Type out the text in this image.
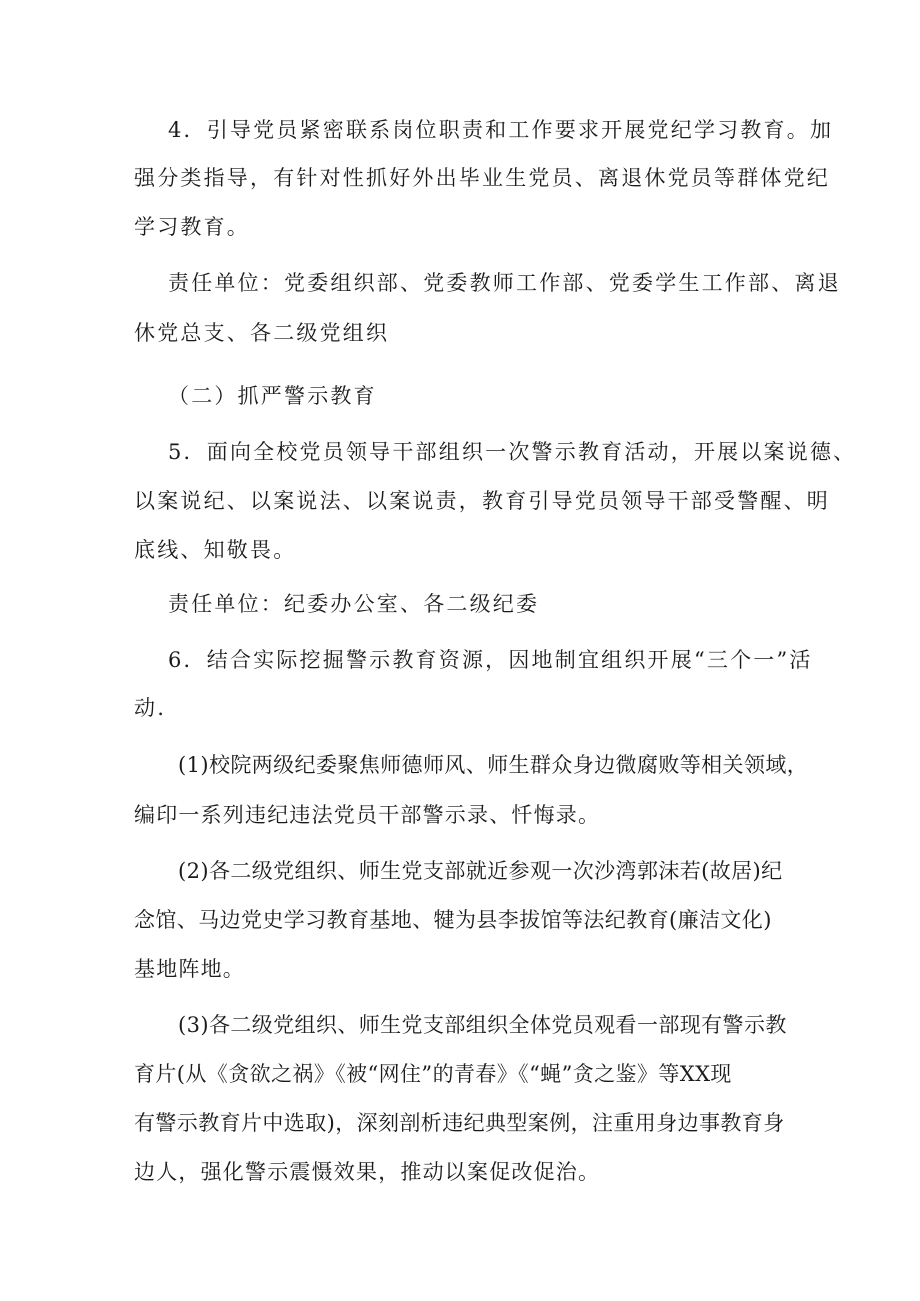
4．引导党员紧密联系岗位职责和工作要求开展党纪学习教育。加
强分类指导，有针对性抓好外出毕业生党员、离退休党员等群体党纪
学习教育。
责任单位：党委组织部、党委教师工作部、党委学生工作部、离退
休党总支、各二级党组织
（二）抓严警示教育
5．面向全校党员领导干部组织一次警示教育活动，开展以案说德、
以案说纪、以案说法、以案说责，教育引导党员领导干部受警醒、明
底线、知敬畏。
责任单位：纪委办公室、各二级纪委
6．结合实际挖掘警示教育资源，因地制宜组织开展“三个一”活
动.
(1)校院两级纪委聚焦师德师风、师生群众身边微腐败等相关领域，
编印一系列违纪违法党员干部警示录、忏悔录。
(2)各二级党组织、师生党支部就近参观一次沙湾郭沫若(故居)纪
念馆、马边党史学习教育基地、犍为县李拔馆等法纪教育(廉洁文化)
基地阵地。
(3)各二级党组织、师生党支部组织全体党员观看一部现有警示教
育片(从《贪欲之祸》《被“网住”的青春》《“蝇”贪之鉴》等XX现
有警示教育片中选取)，深刻剖析违纪典型案例，注重用身边事教育身
边人，强化警示震慑效果，推动以案促改促治。
